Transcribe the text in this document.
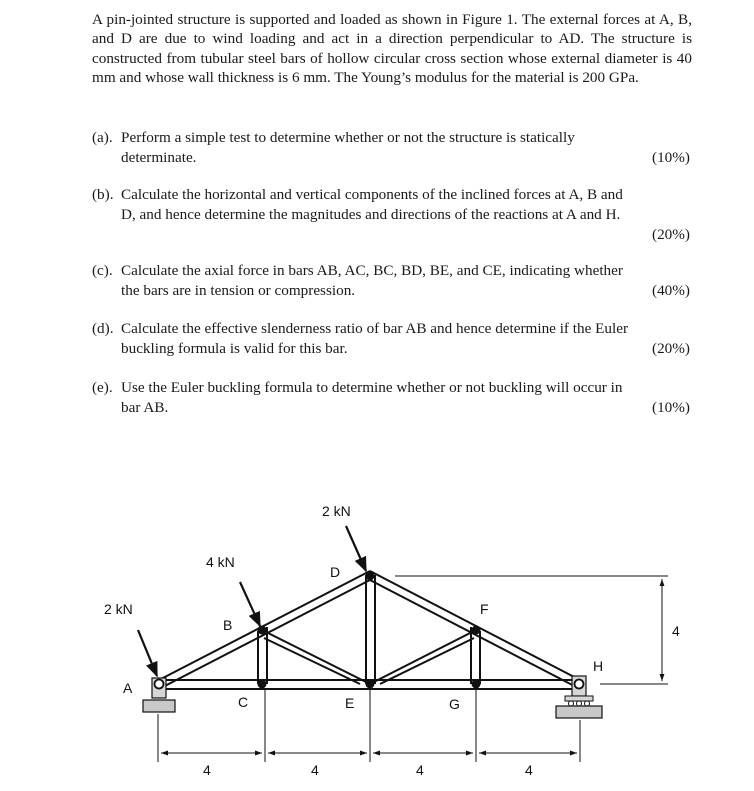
A pin-jointed structure is supported and loaded as shown in Figure 1. The external forces at A, B, and D are due to wind loading and act in a direction perpendicular to AD. The structure is constructed from tubular steel bars of hollow circular cross section whose external diameter is 40 mm and whose wall thickness is 6 mm. The Young’s modulus for the material is 200 GPa.

(a). Perform a simple test to determine whether or not the structure is statically determinate.	(10%)
(b). Calculate the horizontal and vertical components of the inclined forces at A, B and D, and hence determine the magnitudes and directions of the reactions at A and H.
(20%)
(c). Calculate the axial force in bars AB, AC, BC, BD, BE, and CE, indicating whether the bars are in tension or compression.	(40%)
(d). Calculate the effective slenderness ratio of bar AB and hence determine if the Euler buckling formula is valid for this bar.	(20%)
(e). Use the Euler buckling formula to determine whether or not buckling will occur in bar AB.	(10%)
2 kN
4 kN
2 kN
A
B
C
D
E
F
G
H
4	4	4	4
4
